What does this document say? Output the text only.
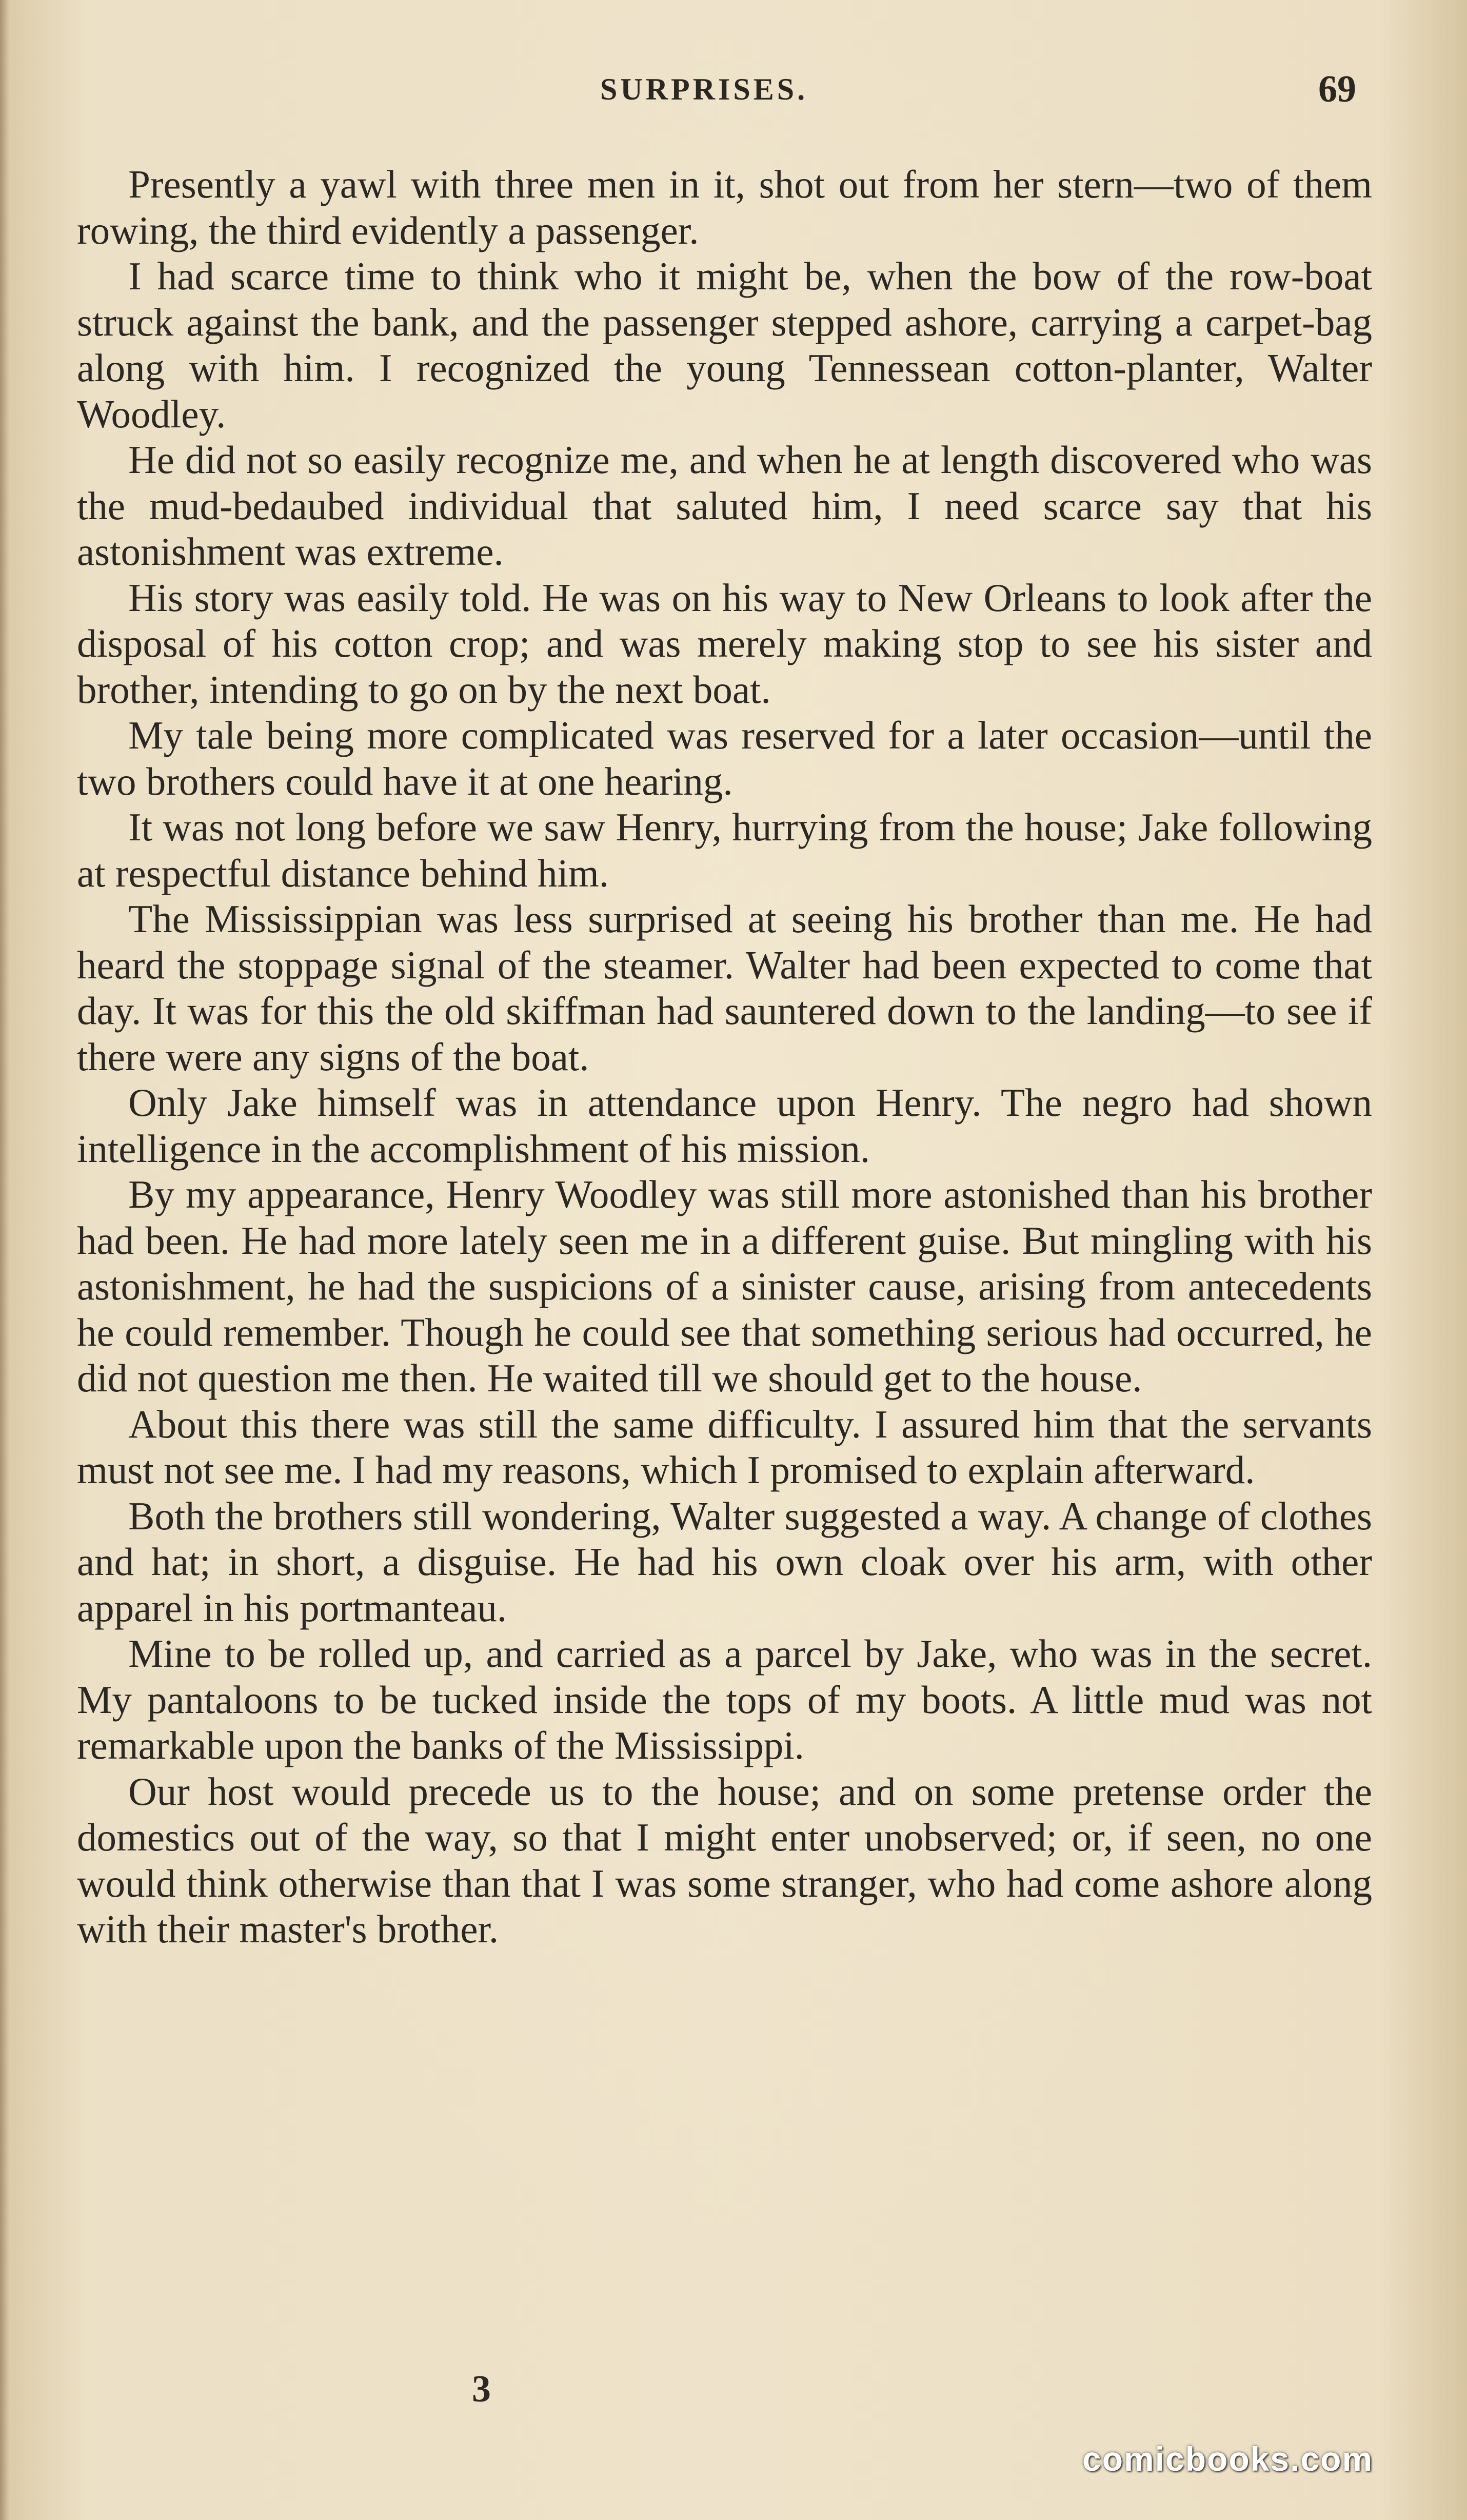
SURPRISES.	69

Presently a yawl with three men in it, shot out from her stern—two of them rowing, the third evidently a passenger.

I had scarce time to think who it might be, when the bow of the row-boat struck against the bank, and the passenger stepped ashore, carrying a carpet-bag along with him. I recognized the young Tennessean cotton-planter, Walter Woodley.

He did not so easily recognize me, and when he at length discovered who was the mud-bedaubed individual that saluted him, I need scarce say that his astonishment was extreme.

His story was easily told. He was on his way to New Orleans to look after the disposal of his cotton crop; and was merely making stop to see his sister and brother, intending to go on by the next boat.

My tale being more complicated was reserved for a later occasion—until the two brothers could have it at one hearing.

It was not long before we saw Henry, hurrying from the house; Jake following at respectful distance behind him.

The Mississippian was less surprised at seeing his brother than me. He had heard the stoppage signal of the steamer. Walter had been expected to come that day. It was for this the old skiffman had sauntered down to the landing—to see if there were any signs of the boat.

Only Jake himself was in attendance upon Henry. The negro had shown intelligence in the accomplishment of his mission.

By my appearance, Henry Woodley was still more astonished than his brother had been. He had more lately seen me in a different guise. But mingling with his astonishment, he had the suspicions of a sinister cause, arising from antecedents he could remember. Though he could see that something serious had occurred, he did not question me then. He waited till we should get to the house.

About this there was still the same difficulty. I assured him that the servants must not see me. I had my reasons, which I promised to explain afterward.

Both the brothers still wondering, Walter suggested a way. A change of clothes and hat; in short, a disguise. He had his own cloak over his arm, with other apparel in his portmanteau.

Mine to be rolled up, and carried as a parcel by Jake, who was in the secret. My pantaloons to be tucked inside the tops of my boots. A little mud was not remarkable upon the banks of the Mississippi.

Our host would precede us to the house; and on some pretense order the domestics out of the way, so that I might enter unobserved; or, if seen, no one would think otherwise than that I was some stranger, who had come ashore along with their master's brother.

3
comicbooks.com
